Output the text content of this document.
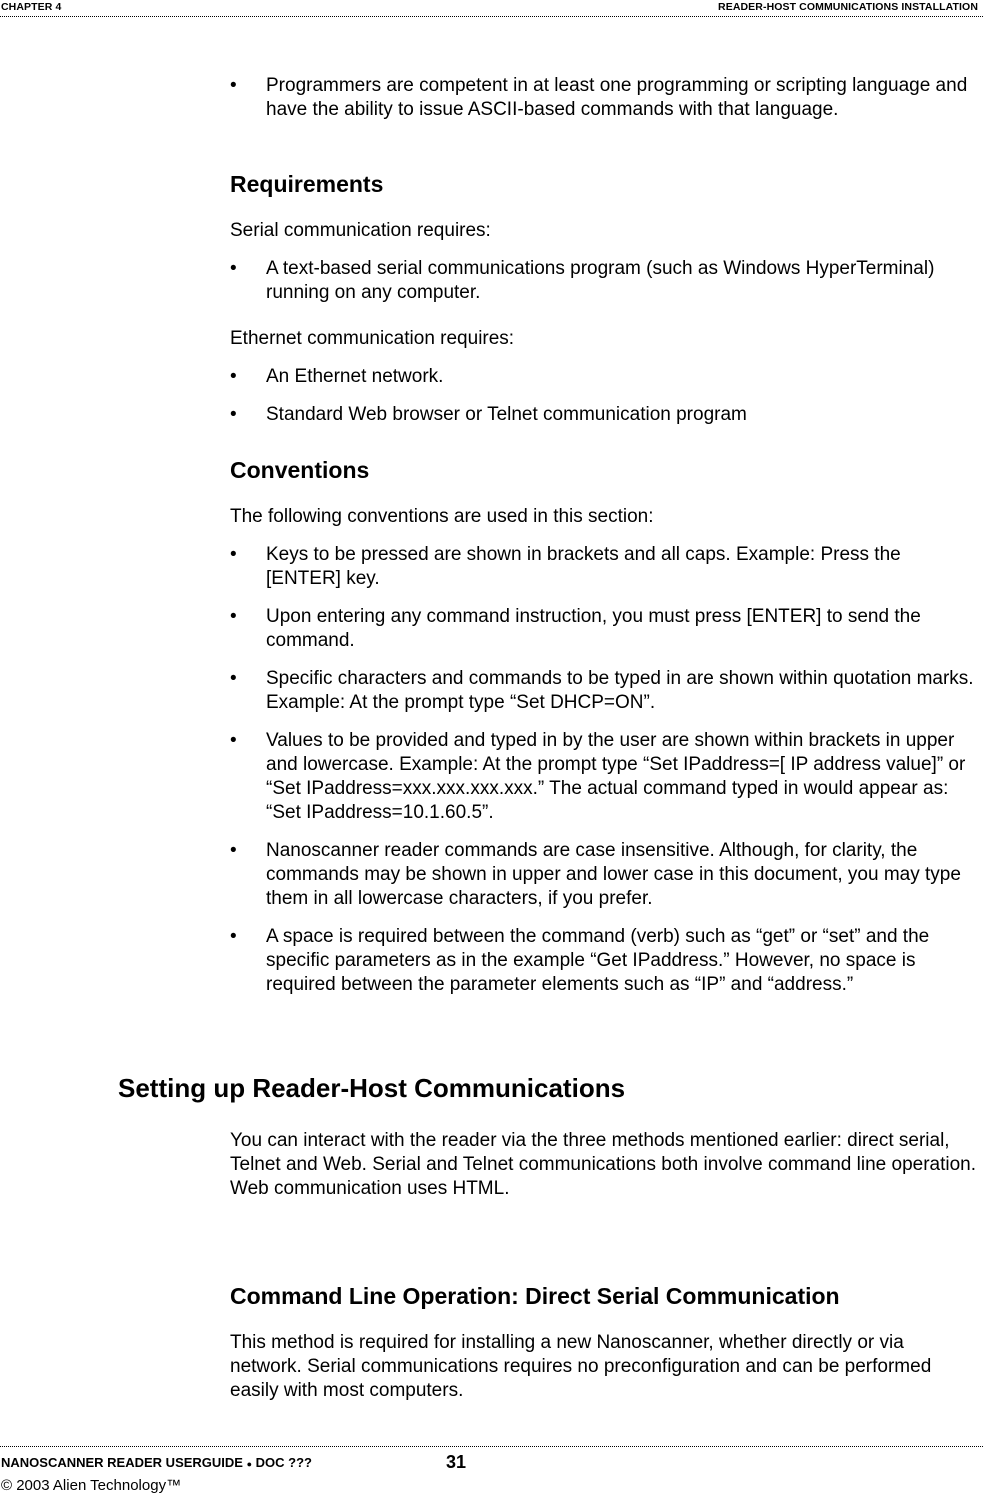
CHAPTER 4	READER-HOST COMMUNICATIONS INSTALLATION
•	Programmers are competent in at least one programming or scripting language and have the ability to issue ASCII-based commands with that language.
Requirements

Serial communication requires:

•	A text-based serial communications program (such as Windows HyperTerminal) running on any computer.

Ethernet communication requires:

•	An Ethernet network.
•	Standard Web browser or Telnet communication program
Conventions

The following conventions are used in this section:

•	Keys to be pressed are shown in brackets and all caps. Example: Press the [ENTER] key.
•	Upon entering any command instruction, you must press [ENTER] to send the command.
•	Specific characters and commands to be typed in are shown within quotation marks. Example: At the prompt type “Set DHCP=ON”.
•	Values to be provided and typed in by the user are shown within brackets in upper and lowercase. Example: At the prompt type “Set IPaddress=[ IP address value]” or “Set IPaddress=xxx.xxx.xxx.xxx.” The actual command typed in would appear as: “Set IPaddress=10.1.60.5”.
•	Nanoscanner reader commands are case insensitive. Although, for clarity, the commands may be shown in upper and lower case in this document, you may type them in all lowercase characters, if you prefer.
•	A space is required between the command (verb) such as “get” or “set” and the specific parameters as in the example “Get IPaddress.” However, no space is required between the parameter elements such as “IP” and “address.”
Setting up Reader-Host Communications

You can interact with the reader via the three methods mentioned earlier: direct serial, Telnet and Web. Serial and Telnet communications both involve command line operation. Web communication uses HTML.

Command Line Operation: Direct Serial Communication

This method is required for installing a new Nanoscanner, whether directly or via network. Serial communications requires no preconfiguration and can be performed easily with most computers.

NANOSCANNER READER USERGUIDE ● DOC ???	31
© 2003 Alien Technology™
